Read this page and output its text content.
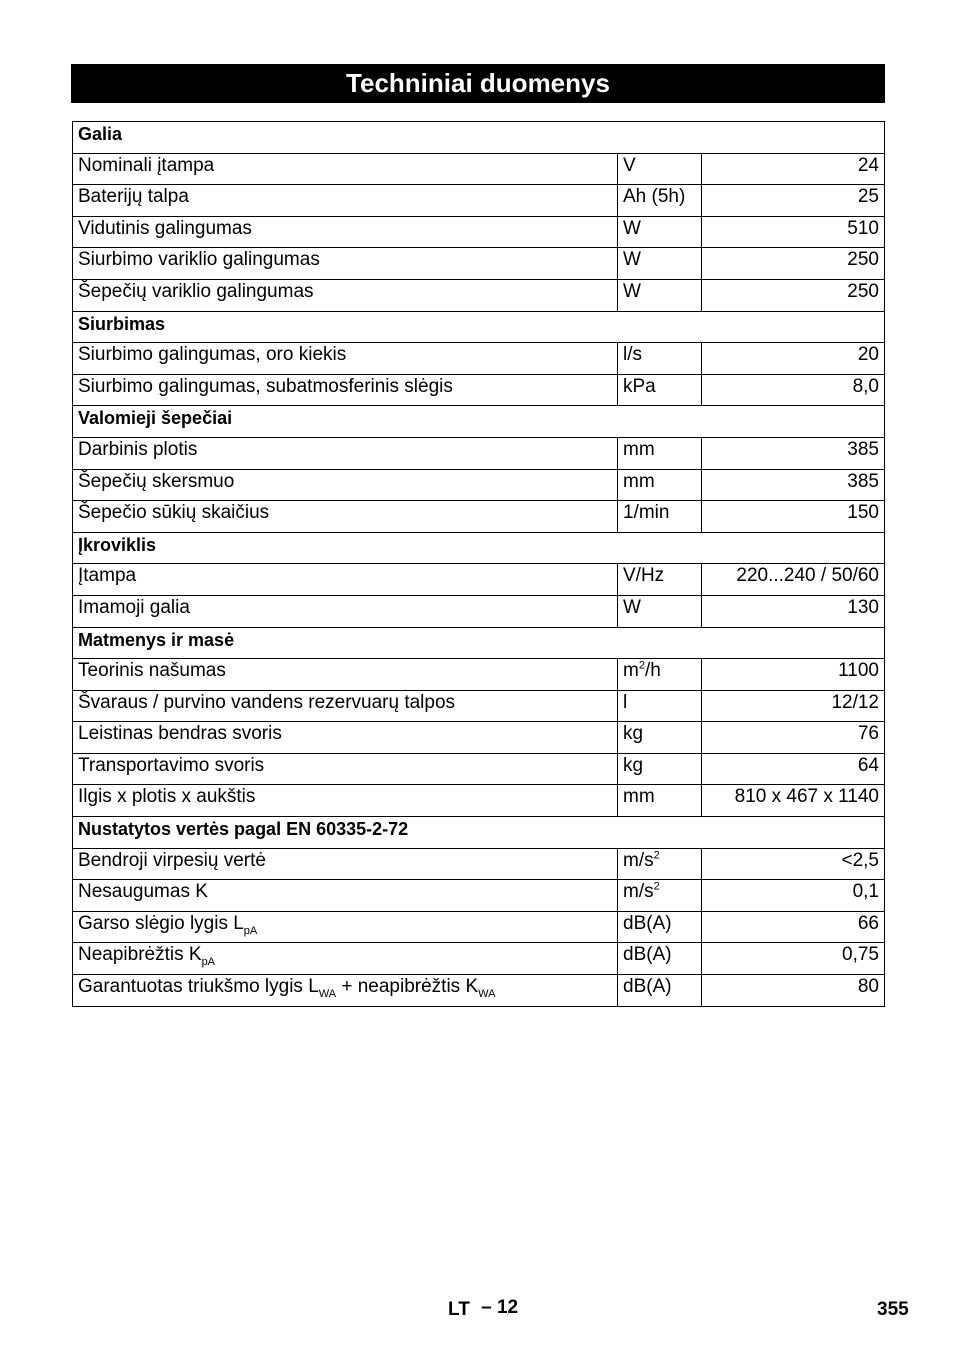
Techniniai duomenys
Galia		
Nominali įtampa	V	24
Baterijų talpa	Ah (5h)	25
Vidutinis galingumas	W	510
Siurbimo variklio galingumas	W	250
Šepečių variklio galingumas	W	250
Siurbimas		
Siurbimo galingumas, oro kiekis	l/s	20
Siurbimo galingumas, subatmosferinis slėgis	kPa	8,0
Valomieji šepečiai		
Darbinis plotis	mm	385
Šepečių skersmuo	mm	385
Šepečio sūkių skaičius	1/min	150
Įkroviklis		
Įtampa	V/Hz	220...240 / 50/60
Imamoji galia	W	130
Matmenys ir masė		
Teorinis našumas	$m^2/h$	1100
Švaraus / purvino vandens rezervuarų talpos	l	12/12
Leistinas bendras svoris	kg	76
Transportavimo svoris	kg	64
Ilgis x plotis x aukštis	mm	810 x 467 x 1140
Nustatytos vertės pagal EN 60335-2-72		
Bendroji virpesių vertė	$m/s^2$	<2,5
Nesaugumas K	$m/s^2$	0,1
Garso slėgio lygis $L_{pA}$	dB(A)	66
Neapibrėžtis $K_{pA}$	dB(A)	0,75
Garantuotas triukšmo lygis $L_{WA}$ + neapibrėžtis $K_{WA}$	dB(A)	80
LT – 12	355
